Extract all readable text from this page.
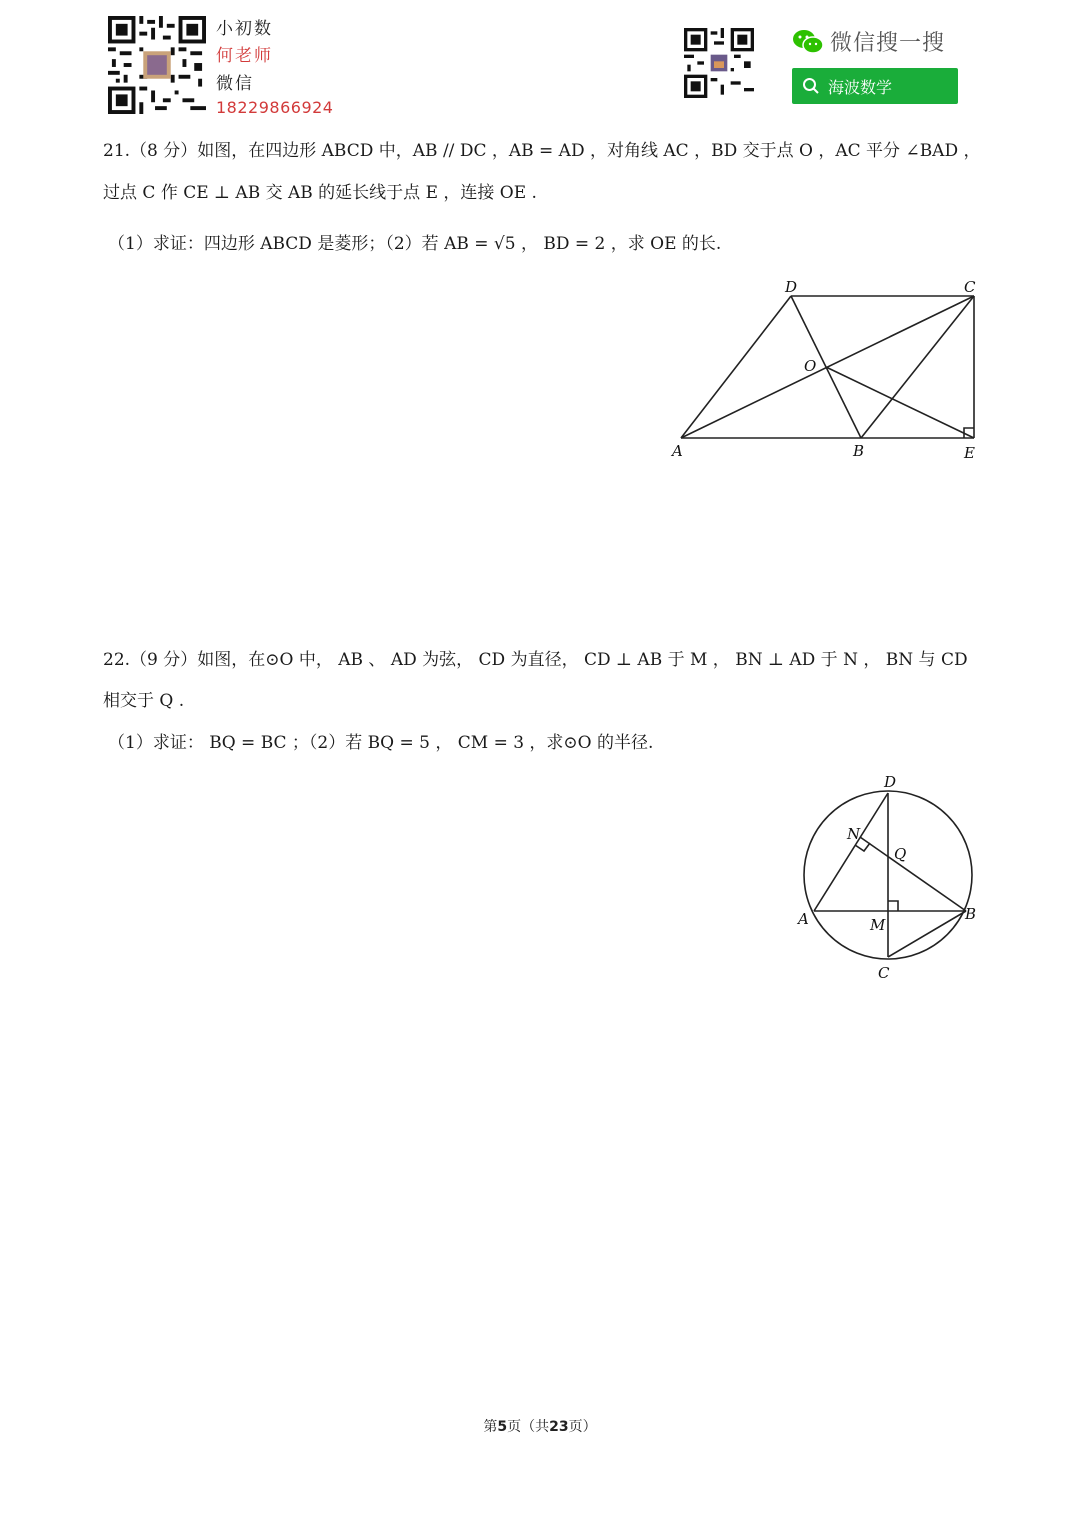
小初数
何老师
微信
18229866924
微信搜一搜
海波数学
21.（8 分）如图，在四边形 ABCD 中，AB // DC ，AB = AD ，对角线 AC ，BD 交于点 O ，AC 平分 ∠BAD ，
过点 C 作 CE ⊥ AB 交 AB 的延长线于点 E ，连接 OE .
（1）求证：四边形 ABCD 是菱形；（2）若 AB = √5 ， BD = 2 ，求 OE 的长.
D	C
O
A	B	E
22.（9 分）如图，在⊙O 中， AB 、 AD 为弦， CD 为直径， CD ⊥ AB 于 M ， BN ⊥ AD 于 N ， BN 与 CD
相交于 Q .
（1）求证： BQ = BC ；（2）若 BQ = 5 ， CM = 3 ，求⊙O 的半径.
D
N
Q
A	M
B
C
第5页（共23页）
